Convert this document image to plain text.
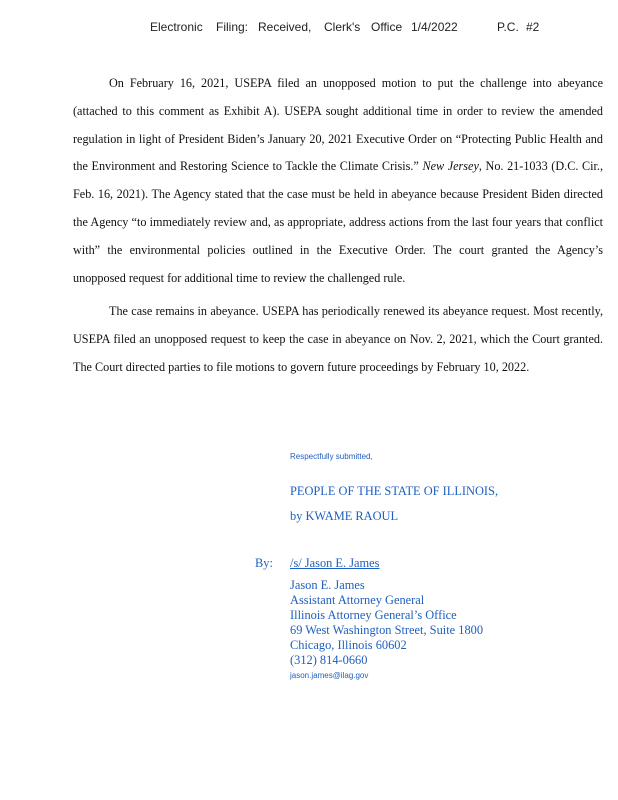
Electronic Filing: Received, Clerk's Office 1/4/2022	P.C. #2

On February 16, 2021, USEPA filed an unopposed motion to put the challenge into abeyance (attached to this comment as Exhibit A). USEPA sought additional time in order to review the amended regulation in light of President Biden’s January 20, 2021 Executive Order on “Protecting Public Health and the Environment and Restoring Science to Tackle the Climate Crisis.” New Jersey, No. 21-1033 (D.C. Cir., Feb. 16, 2021). The Agency stated that the case must be held in abeyance because President Biden directed the Agency “to immediately review and, as appropriate, address actions from the last four years that conflict with” the environmental policies outlined in the Executive Order. The court granted the Agency’s unopposed request for additional time to review the challenged rule.

The case remains in abeyance. USEPA has periodically renewed its abeyance request. Most recently, USEPA filed an unopposed request to keep the case in abeyance on Nov. 2, 2021, which the Court granted. The Court directed parties to file motions to govern future proceedings by February 10, 2022.

Respectfully submitted,
PEOPLE OF THE STATE OF ILLINOIS,
by KWAME RAOUL
By: /s/ Jason E. James
Jason E. James
Assistant Attorney General
Illinois Attorney General’s Office
69 West Washington Street, Suite 1800
Chicago, Illinois 60602
(312) 814-0660
jason.james@ilag.gov
